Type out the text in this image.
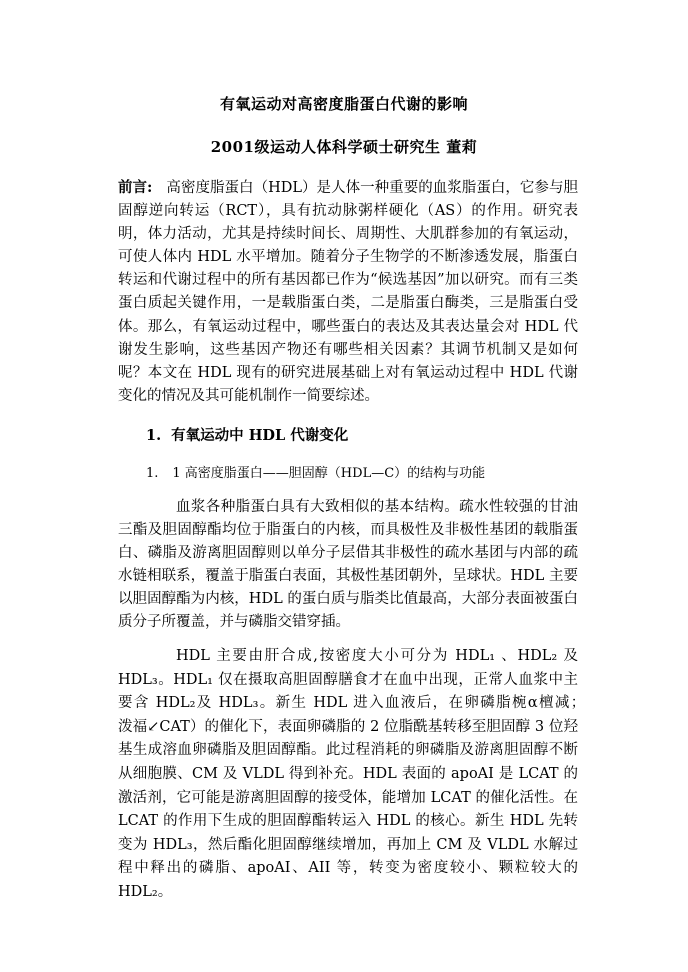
有氧运动对高密度脂蛋白代谢的影响
2001级运动人体科学硕士研究生 董莉
前言: 高密度脂蛋白（HDL）是人体一种重要的血浆脂蛋白，它参与胆固醇逆向转运（RCT），具有抗动脉粥样硬化（AS）的作用。研究表明，体力活动，尤其是持续时间长、周期性、大肌群参加的有氧运动，可使人体内 HDL 水平增加。随着分子生物学的不断渗透发展，脂蛋白转运和代谢过程中的所有基因都已作为“候选基因”加以研究。而有三类蛋白质起关键作用，一是载脂蛋白类，二是脂蛋白酶类，三是脂蛋白受体。那么，有氧运动过程中，哪些蛋白的表达及其表达量会对 HDL 代谢发生影响，这些基因产物还有哪些相关因素？其调节机制又是如何呢？本文在 HDL 现有的研究进展基础上对有氧运动过程中 HDL 代谢变化的情况及其可能机制作一简要综述。
1. 有氧运动中 HDL 代谢变化
1. 1 高密度脂蛋白——胆固醇（HDL—C）的结构与功能
血浆各种脂蛋白具有大致相似的基本结构。疏水性较强的甘油三酯及胆固醇酯均位于脂蛋白的内核，而具极性及非极性基团的载脂蛋白、磷脂及游离胆固醇则以单分子层借其非极性的疏水基团与内部的疏水链相联系，覆盖于脂蛋白表面，其极性基团朝外，呈球状。HDL 主要以胆固醇酯为内核，HDL 的蛋白质与脂类比值最高，大部分表面被蛋白质分子所覆盖，并与磷脂交错穿插。
HDL 主要由肝合成,按密度大小可分为 HDL₁ 、HDL₂ 及 HDL₃。HDL₁ 仅在摄取高胆固醇膳食才在血中出现，正常人血浆中主要含 HDL₂及 HDL₃。新生 HDL 进入血液后，在卵磷脂椀α檀减；　　泼福↙CAT）的催化下，表面卵磷脂的 2 位脂酰基转移至胆固醇 3 位羟基生成溶血卵磷脂及胆固醇酯。此过程消耗的卵磷脂及游离胆固醇不断从细胞膜、CM 及 VLDL 得到补充。HDL 表面的 apoAI 是 LCAT 的激活剂，它可能是游离胆固醇的接受体，能增加 LCAT 的催化活性。在 LCAT 的作用下生成的胆固醇酯转运入 HDL 的核心。新生 HDL 先转变为 HDL₃，然后酯化胆固醇继续增加，再加上 CM 及 VLDL 水解过程中释出的磷脂、apoAI、AII 等，转变为密度较小、颗粒较大的 HDL₂。
